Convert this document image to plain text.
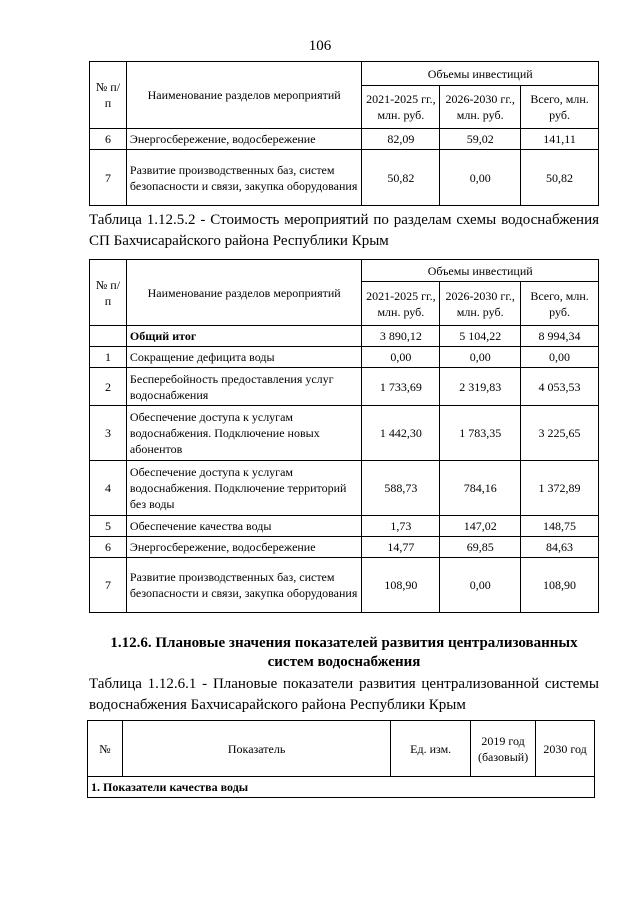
106
№ п/п	Наименование разделов мероприятий	Объемы инвестиций		
		2021-2025 гг., млн. руб.	2026-2030 гг., млн. руб.	Всего, млн. руб.
6	Энергосбережение, водосбережение	82,09	59,02	141,11
7	Развитие производственных баз, систем безопасности и связи, закупка оборудования	50,82	0,00	50,82
Таблица 1.12.5.2 - Стоимость мероприятий по разделам схемы водоснабжения СП Бахчисарайского района Республики Крым
№ п/п	Наименование разделов мероприятий	Объемы инвестиций		
		2021-2025 гг., млн. руб.	2026-2030 гг., млн. руб.	Всего, млн. руб.
	Общий итог	3 890,12	5 104,22	8 994,34
1	Сокращение дефицита воды	0,00	0,00	0,00
2	Бесперебойность предоставления услуг водоснабжения	1 733,69	2 319,83	4 053,53
3	Обеспечение доступа к услугам водоснабжения. Подключение новых абонентов	1 442,30	1 783,35	3 225,65
4	Обеспечение доступа к услугам водоснабжения. Подключение территорий без воды	588,73	784,16	1 372,89
5	Обеспечение качества воды	1,73	147,02	148,75
6	Энергосбережение, водосбережение	14,77	69,85	84,63
7	Развитие производственных баз, систем безопасности и связи, закупка оборудования	108,90	0,00	108,90
1.12.6. Плановые значения показателей развития централизованных систем водоснабжения
Таблица 1.12.6.1 - Плановые показатели развития централизованной системы водоснабжения Бахчисарайского района Республики Крым
№	Показатель	Ед. изм.	2019 год (базовый)	2030 год
1. Показатели качества воды
